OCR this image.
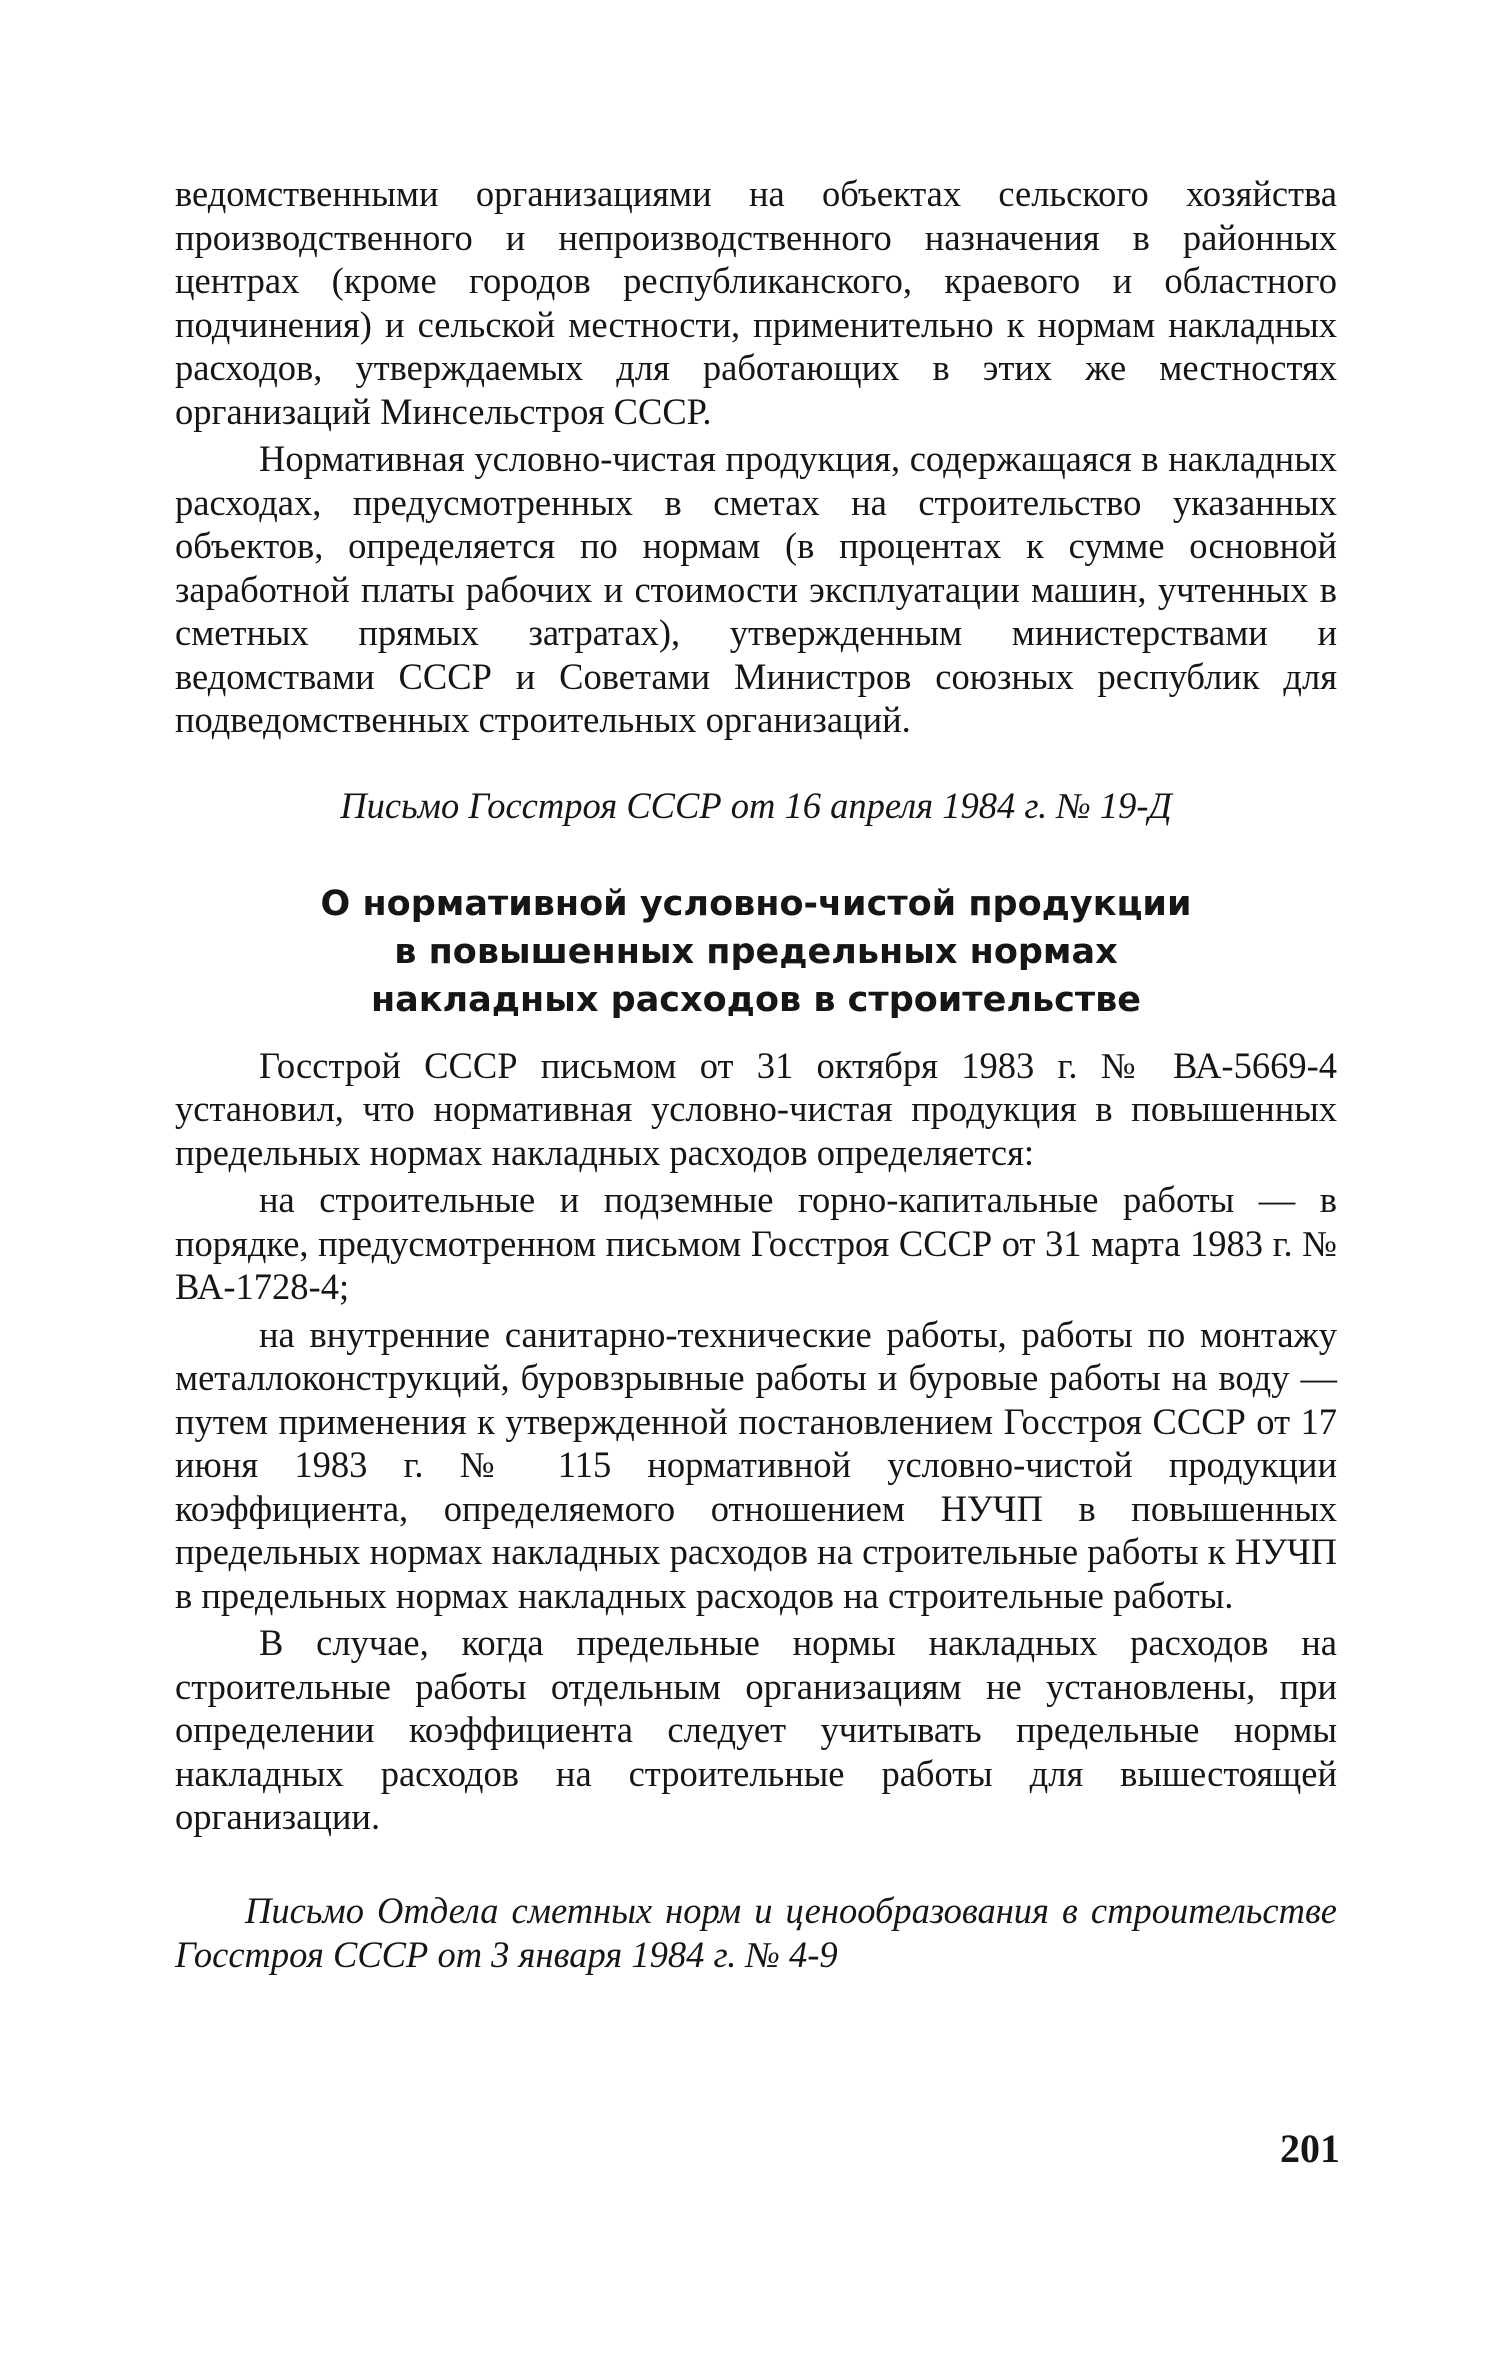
ведомственными организациями на объектах сельского хозяйства производственного и непроизводственного назначения в районных центрах (кроме городов республиканского, краевого и областного подчинения) и сельской местности, применительно к нормам накладных расходов, утверждаемых для работающих в этих же местностях организаций Минсельстроя СССР.

Нормативная условно-чистая продукция, содержащаяся в накладных расходах, предусмотренных в сметах на строительство указанных объектов, определяется по нормам (в процентах к сумме основной заработной платы рабочих и стоимости эксплуатации машин, учтенных в сметных прямых затратах), утвержденным министерствами и ведомствами СССР и Советами Министров союзных республик для подведомственных строительных организаций.

Письмо Госстроя СССР от 16 апреля 1984 г. № 19-Д

О нормативной условно-чистой продукции

в повышенных предельных нормах

накладных расходов в строительстве

Госстрой СССР письмом от 31 октября 1983 г. № ВА-5669-4 установил, что нормативная условно-чистая продукция в повышенных предельных нормах накладных расходов определяется:

на строительные и подземные горно-капитальные работы — в порядке, предусмотренном письмом Госстроя СССР от 31 марта 1983 г. № ВА-1728-4;

на внутренние санитарно-технические работы, работы по монтажу металлоконструкций, буровзрывные работы и буровые работы на воду — путем применения к утвержденной постановлением Госстроя СССР от 17 июня 1983 г. № 115 нормативной условно-чистой продукции коэффициента, определяемого отношением НУЧП в повышенных предельных нормах накладных расходов на строительные работы к НУЧП в предельных нормах накладных расходов на строительные работы.

В случае, когда предельные нормы накладных расходов на строительные работы отдельным организациям не установлены, при определении коэффициента следует учитывать предельные нормы накладных расходов на строительные работы для вышестоящей организации.

Письмо Отдела сметных норм и ценообразования в строительстве Госстроя СССР от 3 января 1984 г. № 4-9

201
